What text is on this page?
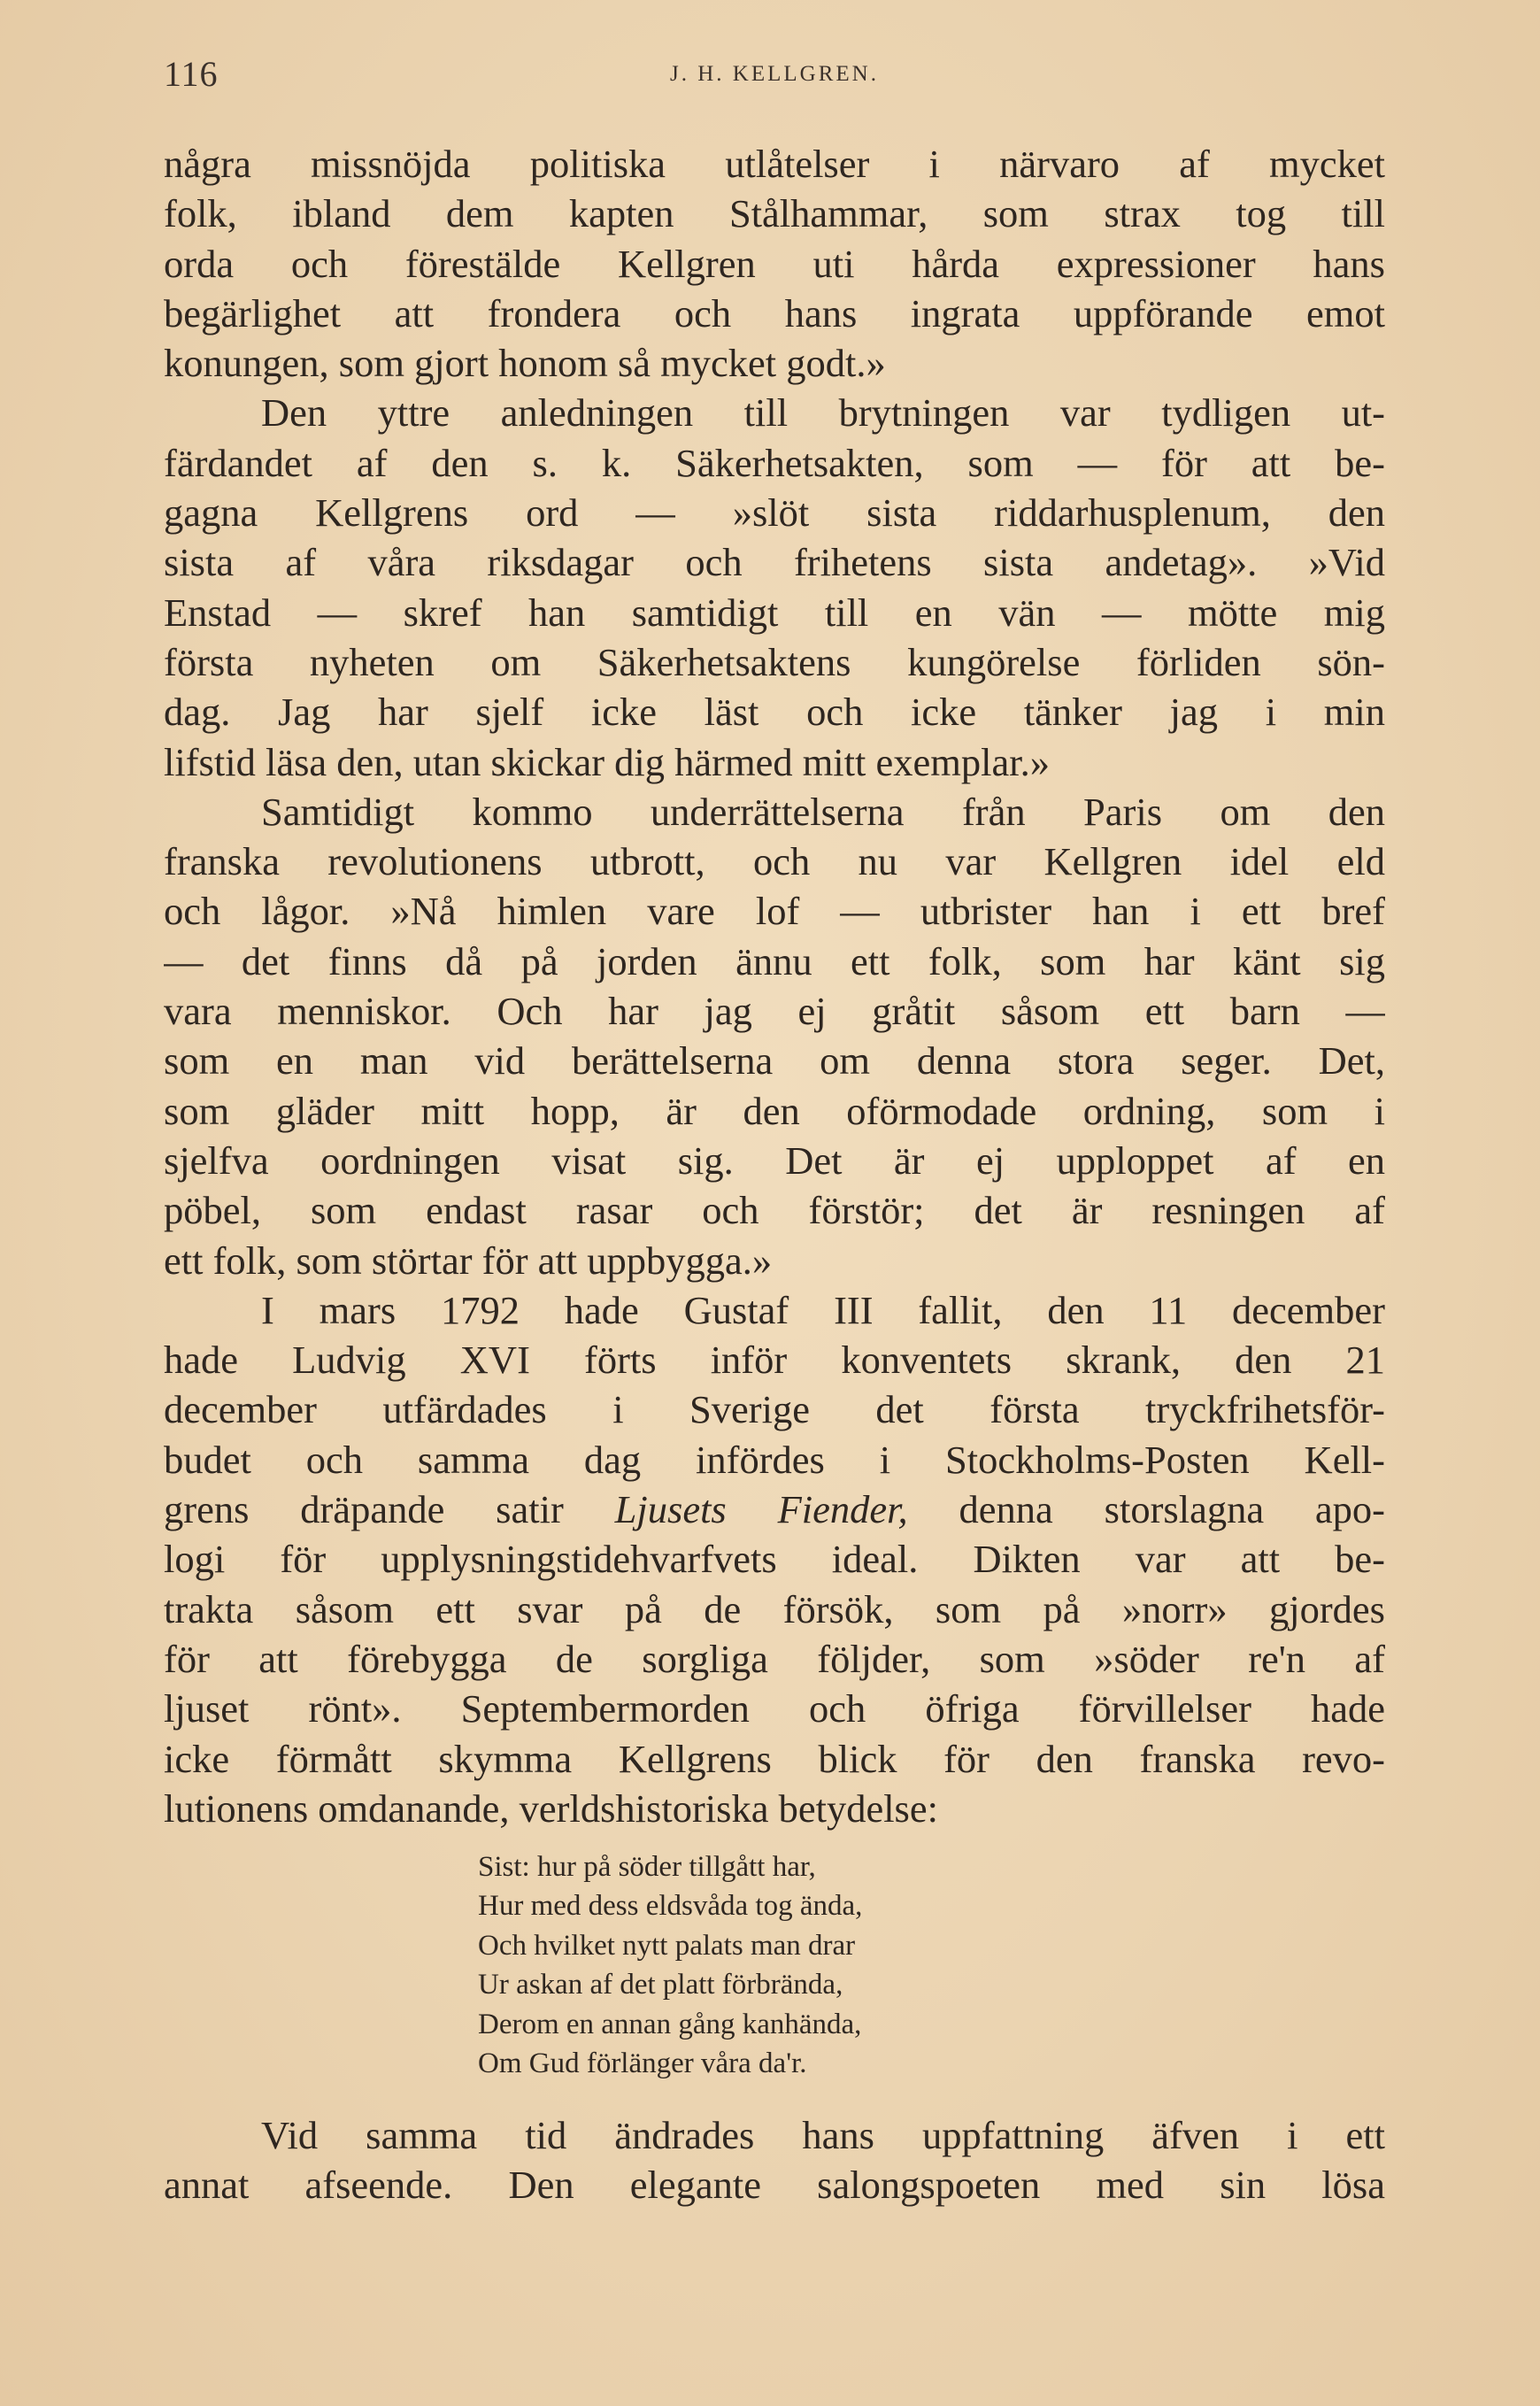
116	J. H. KELLGREN.
några missnöjda politiska utlåtelser i närvaro af mycket
folk, ibland dem kapten Stålhammar, som strax tog till
orda och förestälde Kellgren uti hårda expressioner hans
begärlighet att frondera och hans ingrata uppförande emot
konungen, som gjort honom så mycket godt.»
Den yttre anledningen till brytningen var tydligen ut-
färdandet af den s. k. Säkerhetsakten, som — för att be-
gagna Kellgrens ord — »slöt sista riddarhusplenum, den
sista af våra riksdagar och frihetens sista andetag». »Vid
Enstad — skref han samtidigt till en vän — mötte mig
första nyheten om Säkerhetsaktens kungörelse förliden sön-
dag. Jag har sjelf icke läst och icke tänker jag i min
lifstid läsa den, utan skickar dig härmed mitt exemplar.»
Samtidigt kommo underrättelserna från Paris om den
franska revolutionens utbrott, och nu var Kellgren idel eld
och lågor. »Nå himlen vare lof — utbrister han i ett bref
— det finns då på jorden ännu ett folk, som har känt sig
vara menniskor. Och har jag ej gråtit såsom ett barn —
som en man vid berättelserna om denna stora seger. Det,
som gläder mitt hopp, är den oförmodade ordning, som i
sjelfva oordningen visat sig. Det är ej upploppet af en
pöbel, som endast rasar och förstör; det är resningen af
ett folk, som störtar för att uppbygga.»
I mars 1792 hade Gustaf III fallit, den 11 december
hade Ludvig XVI förts inför konventets skrank, den 21
december utfärdades i Sverige det första tryckfrihetsför-
budet och samma dag infördes i Stockholms-Posten Kell-
grens dräpande satir Ljusets Fiender, denna storslagna apo-
logi för upplysningstidehvarfvets ideal. Dikten var att be-
trakta såsom ett svar på de försök, som på »norr» gjordes
för att förebygga de sorgliga följder, som »söder re'n af
ljuset rönt». Septembermorden och öfriga förvillelser hade
icke förmått skymma Kellgrens blick för den franska revo-
lutionens omdanande, verldshistoriska betydelse:
Sist: hur på söder tillgått har,
Hur med dess eldsvåda tog ända,
Och hvilket nytt palats man drar
Ur askan af det platt förbrända,
Derom en annan gång kanhända,
Om Gud förlänger våra da'r.
Vid samma tid ändrades hans uppfattning äfven i ett
annat afseende. Den elegante salongspoeten med sin lösa
